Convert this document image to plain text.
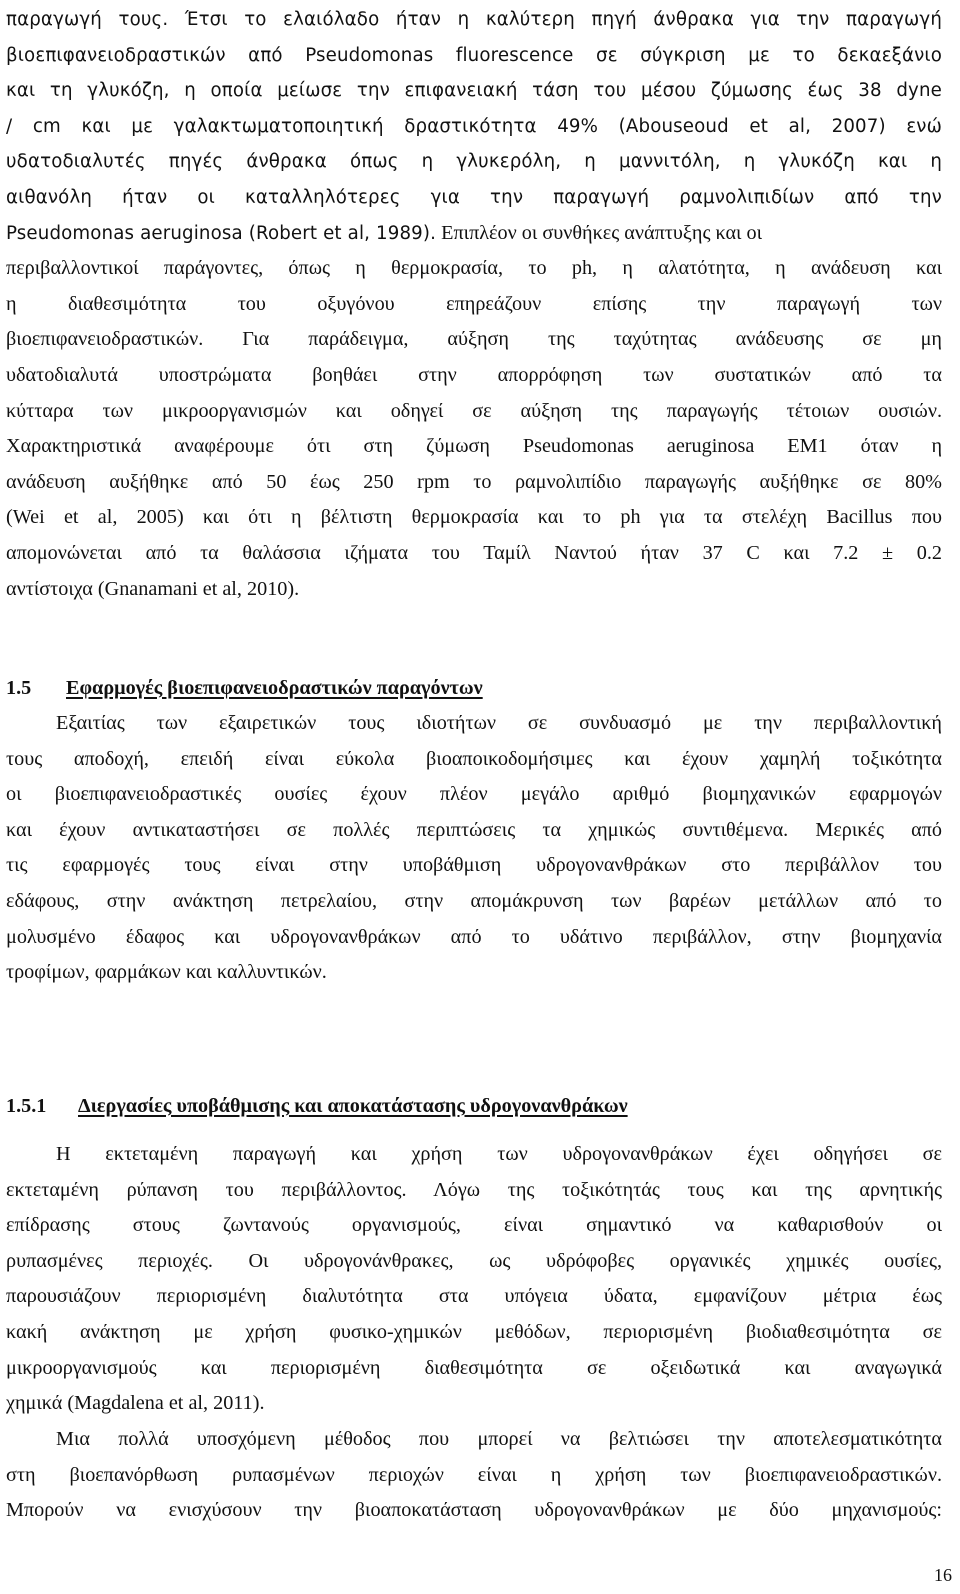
παραγωγή τους. Έτσι το ελαιόλαδο ήταν η καλύτερη πηγή άνθρακα για την παραγωγή
βιοεπιφανειοδραστικών από Pseudomonas fluorescence σε σύγκριση με το δεκαεξάνιο
και τη γλυκόζη, η οποία μείωσε την επιφανειακή τάση του μέσου ζύμωσης έως 38 dyne
/ cm και με γαλακτωματοποιητική δραστικότητα 49% (Abouseoud et al, 2007) ενώ
υδατοδιαλυτές πηγές άνθρακα όπως η γλυκερόλη, η μαννιτόλη, η γλυκόζη και η
αιθανόλη ήταν οι καταλληλότερες για την παραγωγή ραμνολιπιδίων από την
Pseudomonas aeruginosa (Robert et al, 1989). Επιπλέον οι συνθήκες ανάπτυξης και οι
περιβαλλοντικοί παράγοντες, όπως η θερμοκρασία, το ph, η αλατότητα, η ανάδευση και
η διαθεσιμότητα του οξυγόνου επηρεάζουν επίσης την παραγωγή των
βιοεπιφανειοδραστικών. Για παράδειγμα, αύξηση της ταχύτητας ανάδευσης σε μη
υδατοδιαλυτά υποστρώματα βοηθάει στην απορρόφηση των συστατικών από τα
κύτταρα των μικροοργανισμών και οδηγεί σε αύξηση της παραγωγής τέτοιων ουσιών.
Χαρακτηριστικά αναφέρουμε ότι στη ζύμωση Pseudomonas aeruginosa EM1 όταν η
ανάδευση αυξήθηκε από 50 έως 250 rpm το ραμνολιπίδιο παραγωγής αυξήθηκε σε 80%
(Wei et al, 2005) και ότι η βέλτιστη θερμοκρασία και το ph για τα στελέχη Bacillus που
απομονώνεται από τα θαλάσσια ιζήματα του Ταμίλ Ναντού ήταν 37 C και 7.2 ± 0.2
αντίστοιχα (Gnanamani et al, 2010).
1.5 Εφαρμογές βιοεπιφανειοδραστικών παραγόντων
Εξαιτίας των εξαιρετικών τους ιδιοτήτων σε συνδυασμό με την περιβαλλοντική
τους αποδοχή, επειδή είναι εύκολα βιοαποικοδομήσιμες και έχουν χαμηλή τοξικότητα
οι βιοεπιφανειοδραστικές ουσίες έχουν πλέον μεγάλο αριθμό βιομηχανικών εφαρμογών
και έχουν αντικαταστήσει σε πολλές περιπτώσεις τα χημικώς συντιθέμενα. Μερικές από
τις εφαρμογές τους είναι στην υποβάθμιση υδρογονανθράκων στο περιβάλλον του
εδάφους, στην ανάκτηση πετρελαίου, στην απομάκρυνση των βαρέων μετάλλων από το
μολυσμένο έδαφος και υδρογονανθράκων από το υδάτινο περιβάλλον, στην βιομηχανία
τροφίμων, φαρμάκων και καλλυντικών.
1.5.1 Διεργασίες υποβάθμισης και αποκατάστασης υδρογονανθράκων
Η εκτεταμένη παραγωγή και χρήση των υδρογονανθράκων έχει οδηγήσει σε
εκτεταμένη ρύπανση του περιβάλλοντος. Λόγω της τοξικότητάς τους και της αρνητικής
επίδρασης στους ζωντανούς οργανισμούς, είναι σημαντικό να καθαρισθούν οι
ρυπασμένες περιοχές. Οι υδρογονάνθρακες, ως υδρόφοβες οργανικές χημικές ουσίες,
παρουσιάζουν περιορισμένη διαλυτότητα στα υπόγεια ύδατα, εμφανίζουν μέτρια έως
κακή ανάκτηση με χρήση φυσικο-χημικών μεθόδων, περιορισμένη βιοδιαθεσιμότητα σε
μικροοργανισμούς και περιορισμένη διαθεσιμότητα σε οξειδωτικά και αναγωγικά
χημικά (Magdalena et al, 2011).
Μια πολλά υποσχόμενη μέθοδος που μπορεί να βελτιώσει την αποτελεσματικότητα
στη βιοεπανόρθωση ρυπασμένων περιοχών είναι η χρήση των βιοεπιφανειοδραστικών.
Μπορούν να ενισχύσουν την βιοαποκατάσταση υδρογονανθράκων με δύο μηχανισμούς:
16
